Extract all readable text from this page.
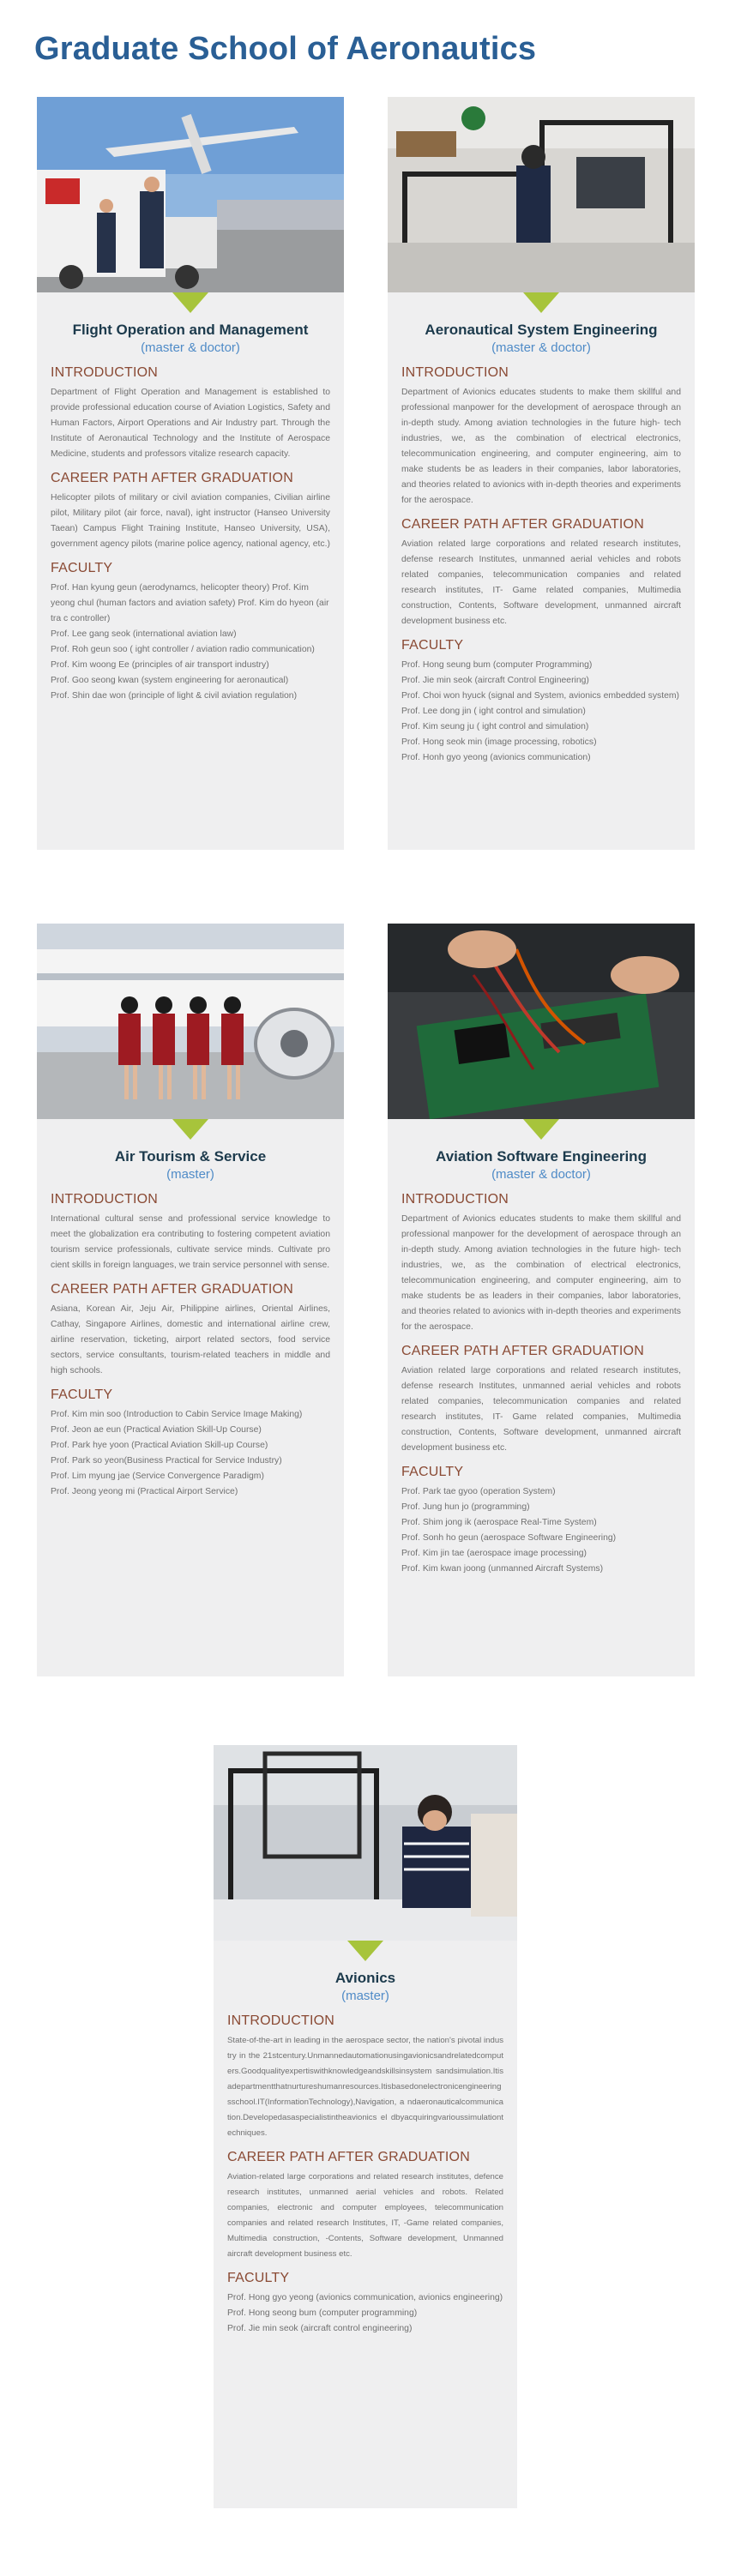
Graduate School of Aeronautics
Flight Operation and Management
(master & doctor)
INTRODUCTION

Department of Flight Operation and Management is established to provide professional education course of Aviation Logistics, Safety and Human Factors, Airport Operations and Air Industry part. Through the Institute of Aeronautical Technology and the Institute of Aerospace Medicine, students and professors vitalize research capacity.

CAREER PATH AFTER GRADUATION

Helicopter pilots of military or civil aviation companies, Civilian airline pilot, Military pilot (air force, naval), ight instructor (Hanseo University Taean) Campus Flight Training Institute, Hanseo University, USA), government agency pilots (marine police agency, national agency, etc.)

FACULTY
Prof. Han kyung geun (aerodynamcs, helicopter theory) Prof. Kim yeong chul (human factors and aviation safety) Prof. Kim do hyeon (air tra c controller)
Prof. Lee gang seok (international aviation law)
Prof. Roh geun soo ( ight controller / aviation radio communication)
Prof. Kim woong Ee (principles of air transport industry)
Prof. Goo seong kwan (system engineering for aeronautical)
Prof. Shin dae won (principle of light & civil aviation regulation)
Aeronautical System Engineering
(master & doctor)
INTRODUCTION

Department of Avionics educates students to make them skillful and professional manpower for the development of aerospace through an in-depth study. Among aviation technologies in the future high- tech industries, we, as the combination of electrical electronics, telecommunication engineering, and computer engineering, aim to make students be as leaders in their companies, labor laboratories, and theories related to avionics with in-depth theories and experiments for the aerospace.

CAREER PATH AFTER GRADUATION

Aviation related large corporations and related research institutes, defense research Institutes, unmanned aerial vehicles and robots related companies, telecommunication companies and related research institutes, IT- Game related companies, Multimedia construction, Contents, Software development, unmanned aircraft development business etc.

FACULTY
Prof. Hong seung bum (computer Programming)
Prof. Jie min seok (aircraft Control Engineering)
Prof. Choi won hyuck (signal and System, avionics embedded system) Prof. Lee dong jin ( ight control and simulation)
Prof. Kim seung ju ( ight control and simulation)
Prof. Hong seok min (image processing, robotics)
Prof. Honh gyo yeong (avionics communication)
Air Tourism & Service
(master)
INTRODUCTION

International cultural sense and professional service knowledge to meet the globalization era contributing to fostering competent aviation tourism service professionals, cultivate service minds. Cultivate pro cient skills in foreign languages, we train service personnel with sense.

CAREER PATH AFTER GRADUATION

Asiana, Korean Air, Jeju Air, Philippine airlines, Oriental Airlines, Cathay, Singapore Airlines, domestic and international airline crew, airline reservation, ticketing, airport related sectors, food service sectors, service consultants, tourism-related teachers in middle and high schools.

FACULTY
Prof. Kim min soo (Introduction to Cabin Service Image Making)
Prof. Jeon ae eun (Practical Aviation Skill-Up Course)
Prof. Park hye yoon (Practical Aviation Skill-up Course)
Prof. Park so yeon(Business Practical for Service Industry)
Prof. Lim myung jae (Service Convergence Paradigm)
Prof. Jeong yeong mi (Practical Airport Service)
Aviation Software Engineering
(master & doctor)
INTRODUCTION

Department of Avionics educates students to make them skillful and professional manpower for the development of aerospace through an in-depth study. Among aviation technologies in the future high- tech industries, we, as the combination of electrical electronics, telecommunication engineering, and computer engineering, aim to make students be as leaders in their companies, labor laboratories, and theories related to avionics with in-depth theories and experiments for the aerospace.

CAREER PATH AFTER GRADUATION

Aviation related large corporations and related research institutes, defense research Institutes, unmanned aerial vehicles and robots related companies, telecommunication companies and related research institutes, IT- Game related companies, Multimedia construction, Contents, Software development, unmanned aircraft development business etc.

FACULTY
Prof. Park tae gyoo (operation System)
Prof. Jung hun jo (programming)
Prof. Shim jong ik (aerospace Real-Time System)
Prof. Sonh ho geun (aerospace Software Engineering)
Prof. Kim jin tae (aerospace image processing)
Prof. Kim kwan joong (unmanned Aircraft Systems)
Avionics
(master)
INTRODUCTION

State-of-the-art in leading in the aerospace sector, the nation's pivotal industry in the 21stcentury.Unmannedautomationusingavionicsandrelatedcomputers.Goodqualityexpertiswithknowledgeandskillsinsystem sandsimulation.Itisadepartmentthatnurtureshumanresources.Itisbasedonelectronicengineeringsschool.IT(InformationTechnology),Navigation, a ndaeronauticalcommunication.Developedasaspecialistintheavionics el dbyacquiringvarioussimulationtechniques.

CAREER PATH AFTER GRADUATION

Aviation-related large corporations and related research institutes, defence research institutes, unmanned aerial vehicles and robots. Related companies, electronic and computer employees, telecommunication companies and related research Institutes, IT, -Game related companies, Multimedia construction, -Contents, Software development, Unmanned aircraft development business etc.

FACULTY
Prof. Hong gyo yeong (avionics communication, avionics engineering)
Prof. Hong seong bum (computer programming)
Prof. Jie min seok (aircraft control engineering)
